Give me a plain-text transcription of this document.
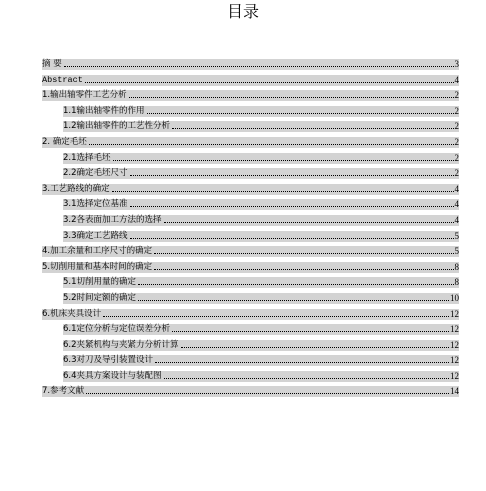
目录
摘 要	3
Abstract	4
1.输出轴零件工艺分析	2
1.1输出轴零件的作用	2
1.2输出轴零件的工艺性分析	2
2. 确定毛坯	2
2.1选择毛坯	2
2.2确定毛坯尺寸	2
3.工艺路线的确定	4
3.1选择定位基准	4
3.2各表面加工方法的选择	4
3.3确定工艺路线	5
4.加工余量和工序尺寸的确定	5
5.切削用量和基本时间的确定	8
5.1切削用量的确定	8
5.2时间定额的确定	10
6.机床夹具设计	12
6.1定位分析与定位误差分析	12
6.2夹紧机构与夹紧力分析计算	12
6.3对刀及导引装置设计	12
6.4夹具方案设计与装配图	12
7.参考文献	14
